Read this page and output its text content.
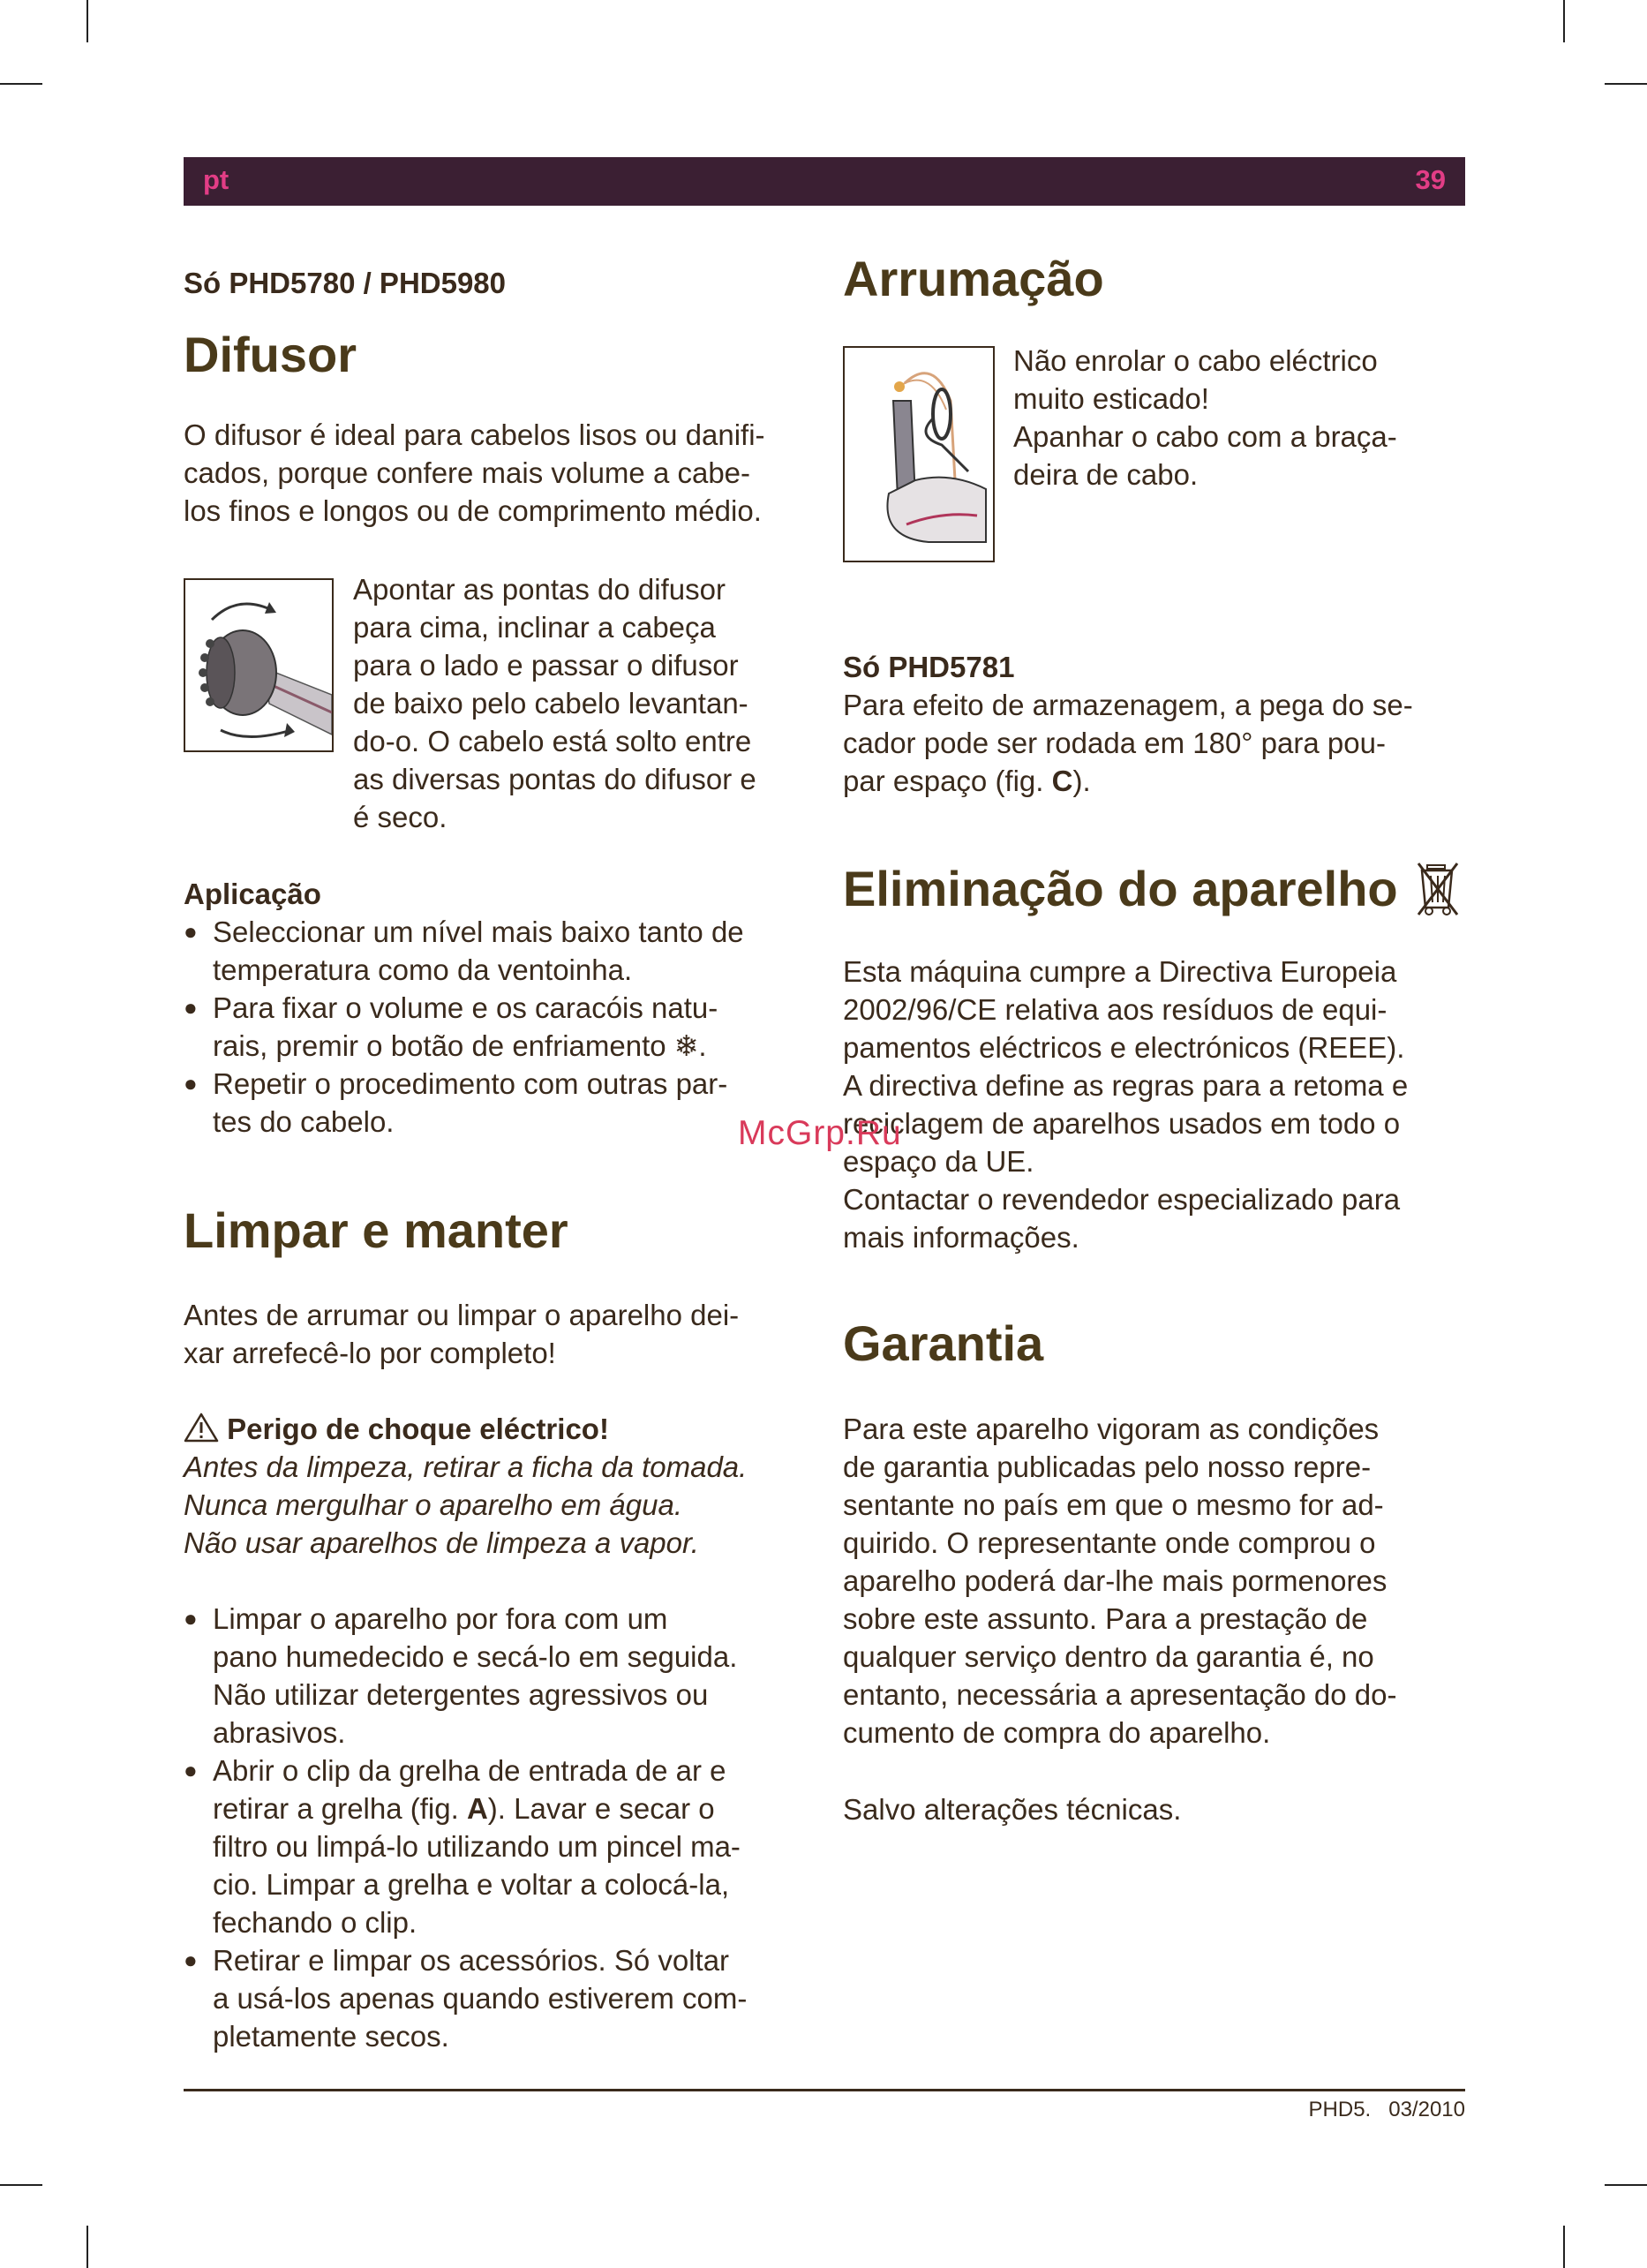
pt	39
Só PHD5780 / PHD5980
Difusor
O difusor é ideal para cabelos lisos ou danifi-
cados, porque confere mais volume a cabe-
los finos e longos ou de comprimento médio.
Apontar as pontas do difusor
para cima, inclinar a cabeça
para o lado e passar o difusor
de baixo pelo cabelo levantan-
do-o. O cabelo está solto entre
as diversas pontas do difusor e
é seco.
Aplicação
● Seleccionar um nível mais baixo tanto de
temperatura como da ventoinha.
● Para fixar o volume e os caracóis natu-
rais, premir o botão de enfriamento ❄.
● Repetir o procedimento com outras par-
tes do cabelo.
Limpar e manter
Antes de arrumar ou limpar o aparelho dei-
xar arrefecê-lo por completo!
Perigo de choque eléctrico!
Antes da limpeza, retirar a ficha da tomada.
Nunca mergulhar o aparelho em água.
Não usar aparelhos de limpeza a vapor.
● Limpar o aparelho por fora com um
pano humedecido e secá-lo em seguida.
Não utilizar detergentes agressivos ou
abrasivos.
● Abrir o clip da grelha de entrada de ar e
retirar a grelha (fig. A). Lavar e secar o
filtro ou limpá-lo utilizando um pincel ma-
cio. Limpar a grelha e voltar a colocá-la,
fechando o clip.
● Retirar e limpar os acessórios. Só voltar
a usá-los apenas quando estiverem com-
pletamente secos.
Arrumação
Não enrolar o cabo eléctrico
muito esticado!
Apanhar o cabo com a braça-
deira de cabo.
Só PHD5781
Para efeito de armazenagem, a pega do se-
cador pode ser rodada em 180° para pou-
par espaço (fig. C).
Eliminação do aparelho
Esta máquina cumpre a Directiva Europeia
2002/96/CE relativa aos resíduos de equi-
pamentos eléctricos e electrónicos (REEE).
A directiva define as regras para a retoma e
reciclagem de aparelhos usados em todo o
espaço da UE.
Contactar o revendedor especializado para
mais informações.
Garantia
Para este aparelho vigoram as condições
de garantia publicadas pelo nosso repre-
sentante no país em que o mesmo for ad-
quirido. O representante onde comprou o
aparelho poderá dar-lhe mais pormenores
sobre este assunto. Para a prestação de
qualquer serviço dentro da garantia é, no
entanto, necessária a apresentação do do-
cumento de compra do aparelho.
Salvo alterações técnicas.
McGrp.Ru
PHD5. 03/2010
